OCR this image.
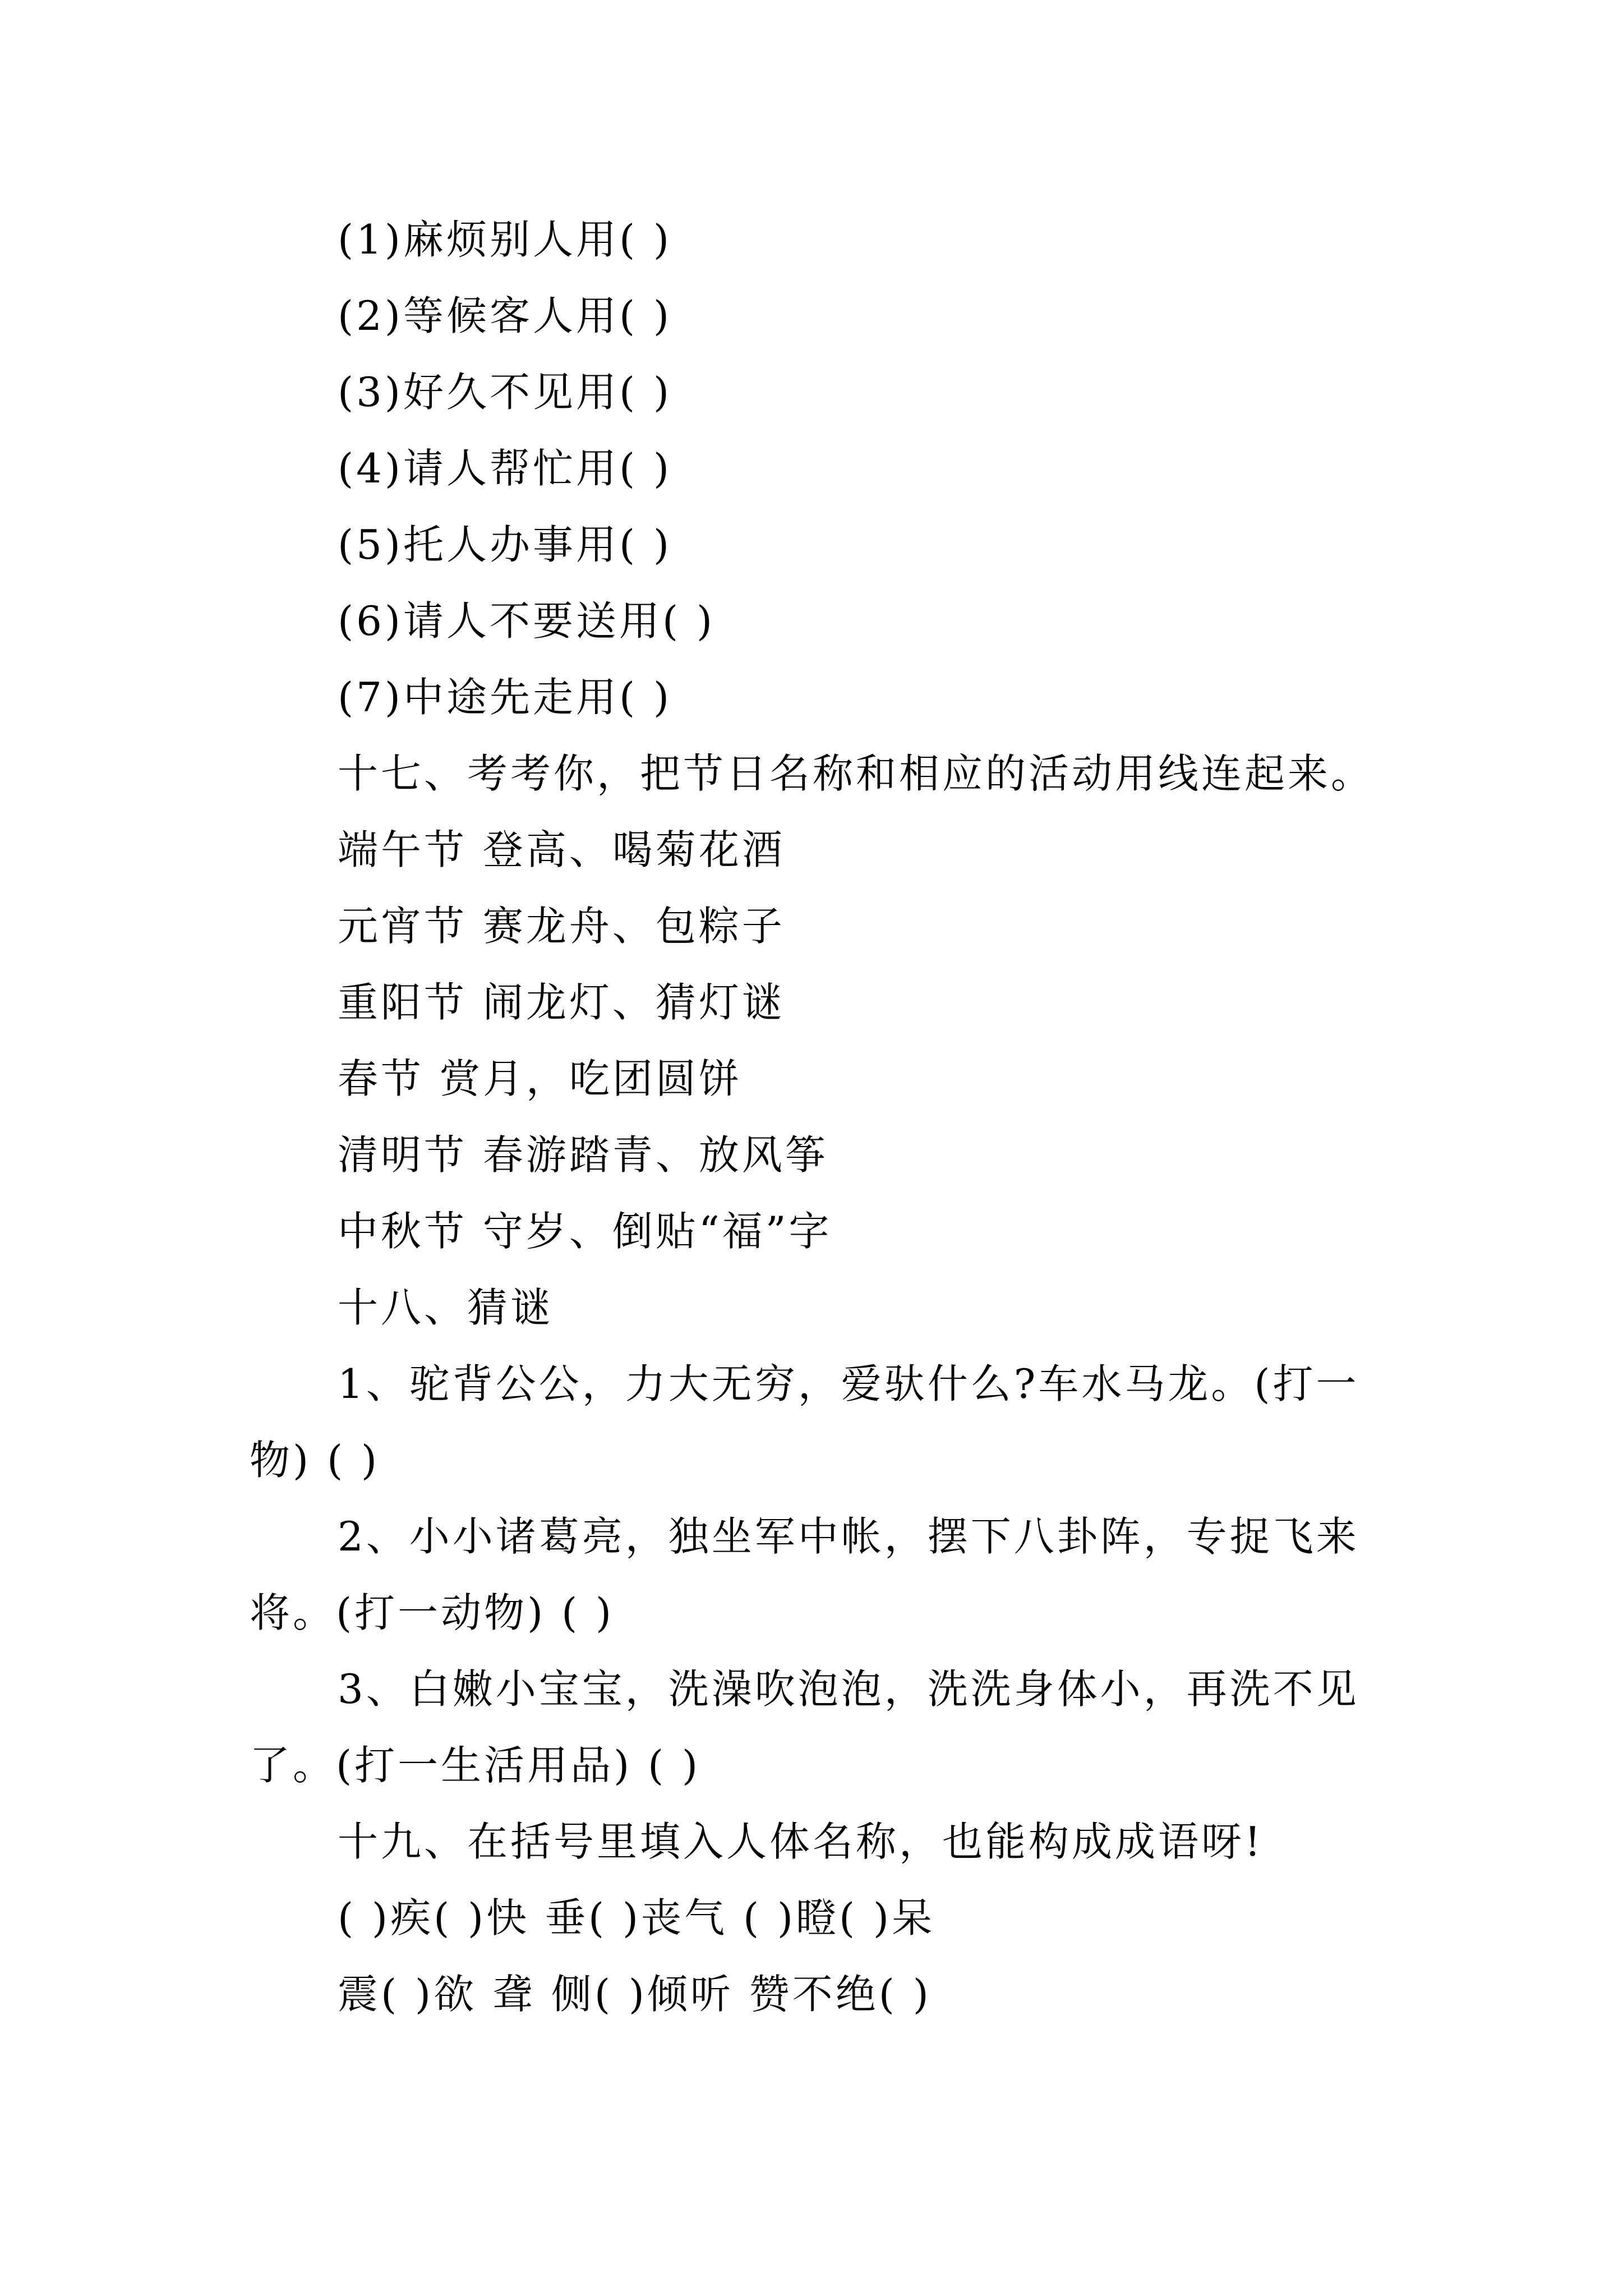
(1)麻烦别人用( )
(2)等候客人用( )
(3)好久不见用( )
(4)请人帮忙用( )
(5)托人办事用( )
(6)请人不要送用( )
(7)中途先走用( )
十七、考考你，把节日名称和相应的活动用线连起来。
端午节 登高、喝菊花酒
元宵节 赛龙舟、包粽子
重阳节 闹龙灯、猜灯谜
春节 赏月，吃团圆饼
清明节 春游踏青、放风筝
中秋节 守岁、倒贴“福”字
十八、猜谜
1、驼背公公，力大无穷，爱驮什么?车水马龙。(打一
物) ( )
2、小小诸葛亮，独坐军中帐，摆下八卦阵，专捉飞来
将。(打一动物) ( )
3、白嫩小宝宝，洗澡吹泡泡，洗洗身体小，再洗不见
了。(打一生活用品) ( )
十九、在括号里填入人体名称，也能构成成语呀!
( )疾( )快 垂( )丧气 ( )瞪( )呆
震( )欲 聋 侧( )倾听 赞不绝( )
